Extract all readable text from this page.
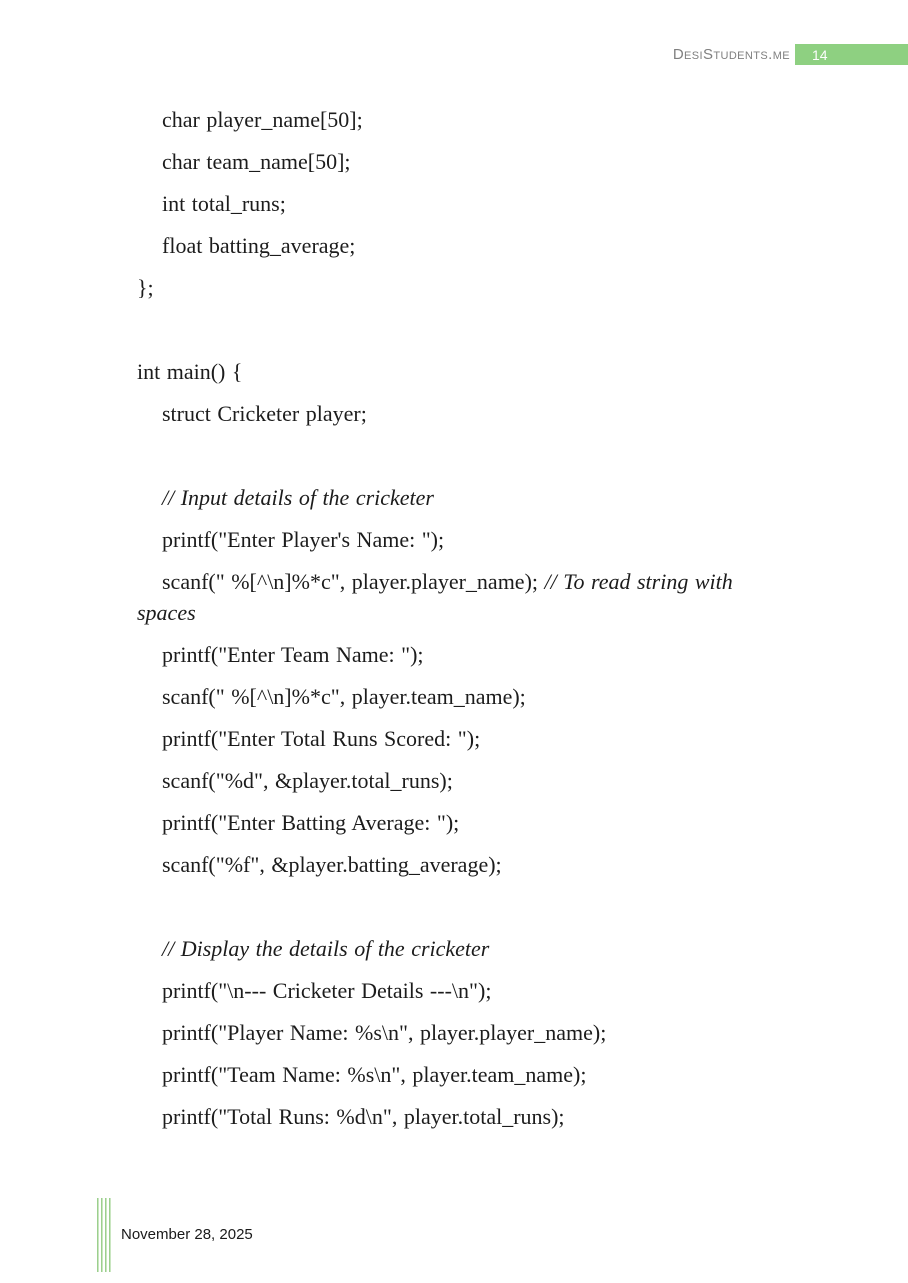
DesiStudents.me	14

char player_name[50];

char team_name[50];

int total_runs;

float batting_average;

};

int main() {

struct Cricketer player;

// Input details of the cricketer

printf("Enter Player's Name: ");

scanf(" %[^\n]%*c", player.player_name); // To read string with spaces

printf("Enter Team Name: ");

scanf(" %[^\n]%*c", player.team_name);

printf("Enter Total Runs Scored: ");

scanf("%d", &player.total_runs);

printf("Enter Batting Average: ");

scanf("%f", &player.batting_average);

// Display the details of the cricketer

printf("\n--- Cricketer Details ---\n");

printf("Player Name: %s\n", player.player_name);

printf("Team Name: %s\n", player.team_name);

printf("Total Runs: %d\n", player.total_runs);

November 28, 2025
